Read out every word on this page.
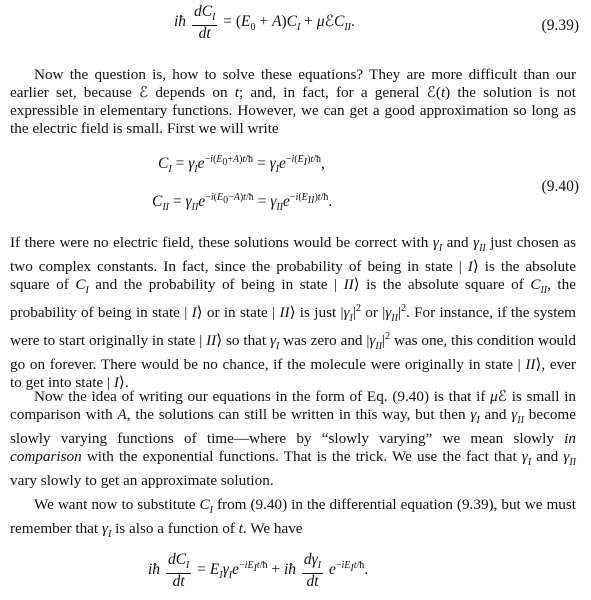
iħ $\frac{dC_I}{dt} = (E_0 + A)C_I$ + μℰC$_{II}$.	(9.39)

Now the question is, how to solve these equations? They are more difficult than our earlier set, because ℰ depends on t; and, in fact, for a general ℰ(t) the solution is not expressible in elementary functions. However, we can get a good approximation so long as the electric field is small. First we will write

$C_I = \gamma_Ie^{-i(E_0+A)t/ħ} = \gamma_Ie^{-i(E_I)t/ħ}$,
$C_{II} = \gamma_{II}e^{-i(E_0-A)t/ħ} = \gamma_{II}e^{-i(E_{II})t/ħ}$.
(9.40)

If there were no electric field, these solutions would be correct with $\gamma_I$ and $\gamma_{II}$ just chosen as two complex constants. In fact, since the probability of being in state | I⟩ is the absolute square of $C_I$ and the probability of being in state | II⟩ is the absolute square of $C_{II}$, the probability of being in state | I⟩ or in state | II⟩ is just $|\gamma_I|^2$ or $|\gamma_{II}|^2$. For instance, if the system were to start originally in state | II⟩ so that $\gamma_I$ was zero and $|\gamma_{II}|^2$ was one, this condition would go on forever. There would be no chance, if the molecule were originally in state | II⟩, ever to get into state | I⟩.

Now the idea of writing our equations in the form of Eq. (9.40) is that if μℰ is small in comparison with A, the solutions can still be written in this way, but then $\gamma_I$ and $\gamma_{II}$ become slowly varying functions of time—where by “slowly varying” we mean slowly in comparison with the exponential functions. That is the trick. We use the fact that $\gamma_I$ and $\gamma_{II}$ vary slowly to get an approximate solution.

We want now to substitute $C_I$ from (9.40) in the differential equation (9.39), but we must remember that $\gamma_I$ is also a function of t. We have

iħ $\frac{dC_I}{dt} = E_I\gamma_Ie^{-iE_It/ħ}$ + iħ $\frac{d\gamma_I}{dt} e^{-iE_It/ħ}$.
